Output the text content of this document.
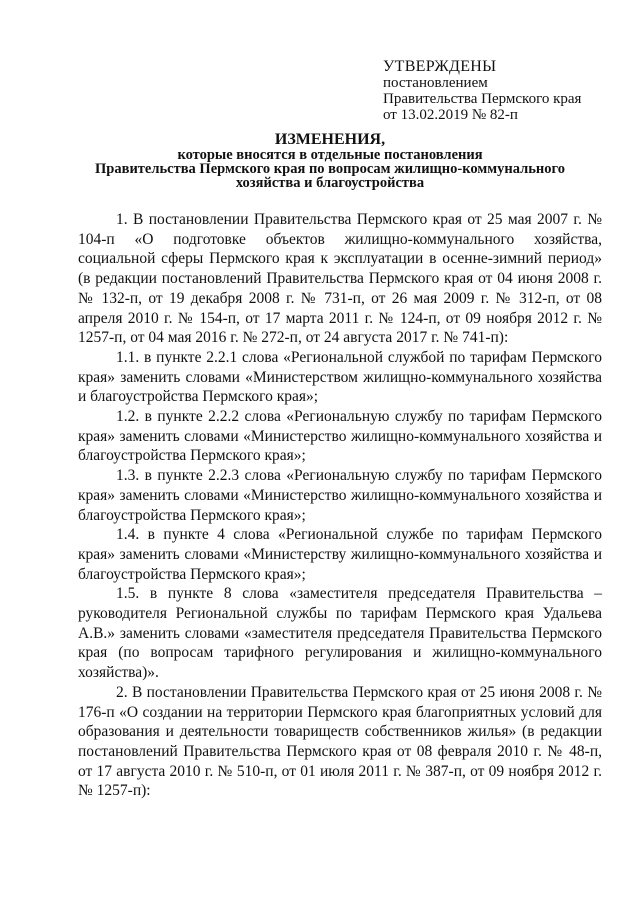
УТВЕРЖДЕНЫ
постановлением
Правительства Пермского края
от 13.02.2019 № 82-п
ИЗМЕНЕНИЯ,
которые вносятся в отдельные постановления
Правительства Пермского края по вопросам жилищно-коммунального
хозяйства и благоустройства

1. В постановлении Правительства Пермского края от 25 мая 2007 г. № 104-п «О подготовке объектов жилищно-коммунального хозяйства, социальной сферы Пермского края к эксплуатации в осенне-зимний период» (в редакции постановлений Правительства Пермского края от 04 июня 2008 г. № 132-п, от 19 декабря 2008 г. № 731-п, от 26 мая 2009 г. № 312-п, от 08 апреля 2010 г. № 154-п, от 17 марта 2011 г. № 124-п, от 09 ноября 2012 г. № 1257-п, от 04 мая 2016 г. № 272-п, от 24 августа 2017 г. № 741-п):

1.1. в пункте 2.2.1 слова «Региональной службой по тарифам Пермского края» заменить словами «Министерством жилищно-коммунального хозяйства и благоустройства Пермского края»;

1.2. в пункте 2.2.2 слова «Региональную службу по тарифам Пермского края» заменить словами «Министерство жилищно-коммунального хозяйства и благоустройства Пермского края»;

1.3. в пункте 2.2.3 слова «Региональную службу по тарифам Пермского края» заменить словами «Министерство жилищно-коммунального хозяйства и благоустройства Пермского края»;

1.4. в пункте 4 слова «Региональной службе по тарифам Пермского края» заменить словами «Министерству жилищно-коммунального хозяйства и благоустройства Пермского края»;

1.5. в пункте 8 слова «заместителя председателя Правительства – руководителя Региональной службы по тарифам Пермского края Удальева А.В.» заменить словами «заместителя председателя Правительства Пермского края (по вопросам тарифного регулирования и жилищно-коммунального хозяйства)».

2. В постановлении Правительства Пермского края от 25 июня 2008 г. № 176-п «О создании на территории Пермского края благоприятных условий для образования и деятельности товариществ собственников жилья» (в редакции постановлений Правительства Пермского края от 08 февраля 2010 г. № 48-п, от 17 августа 2010 г. № 510-п, от 01 июля 2011 г. № 387-п, от 09 ноября 2012 г. № 1257-п):
